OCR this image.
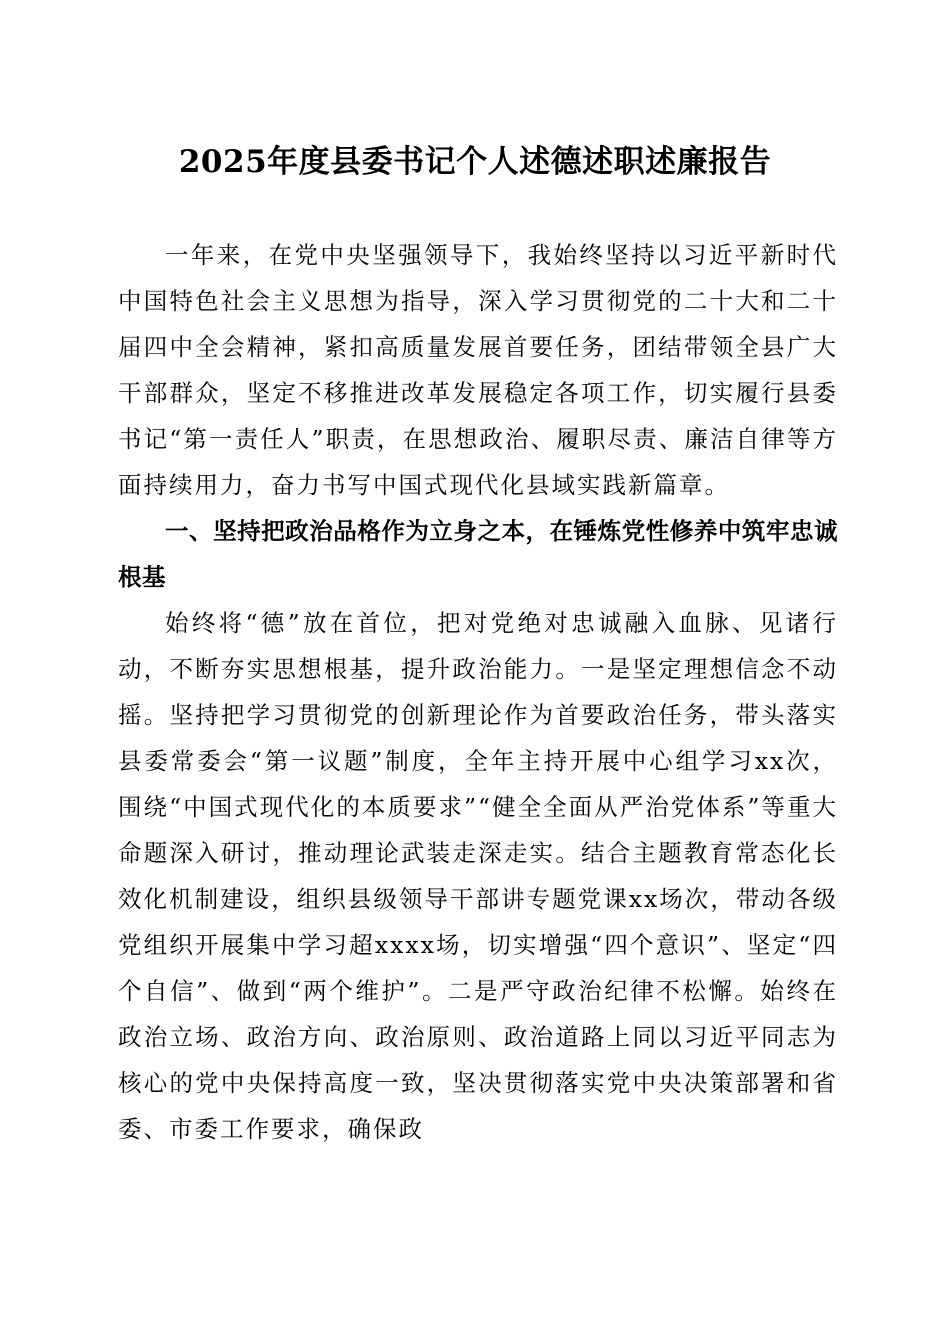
2025年度县委书记个人述德述职述廉报告

一年来，在党中央坚强领导下，我始终坚持以习近平新时代中国特色社会主义思想为指导，深入学习贯彻党的二十大和二十届四中全会精神，紧扣高质量发展首要任务，团结带领全县广大干部群众，坚定不移推进改革发展稳定各项工作，切实履行县委书记“第一责任人”职责，在思想政治、履职尽责、廉洁自律等方面持续用力，奋力书写中国式现代化县域实践新篇章。

一、坚持把政治品格作为立身之本，在锤炼党性修养中筑牢忠诚根基

始终将“德”放在首位，把对党绝对忠诚融入血脉、见诸行动，不断夯实思想根基，提升政治能力。一是坚定理想信念不动摇。坚持把学习贯彻党的创新理论作为首要政治任务，带头落实县委常委会“第一议题”制度，全年主持开展中心组学习xx次，围绕“中国式现代化的本质要求”“健全全面从严治党体系”等重大命题深入研讨，推动理论武装走深走实。结合主题教育常态化长效化机制建设，组织县级领导干部讲专题党课xx场次，带动各级党组织开展集中学习超xxxx场，切实增强“四个意识”、坚定“四个自信”、做到“两个维护”。二是严守政治纪律不松懈。始终在政治立场、政治方向、政治原则、政治道路上同以习近平同志为核心的党中央保持高度一致，坚决贯彻落实党中央决策部署和省委、市委工作要求，确保政
